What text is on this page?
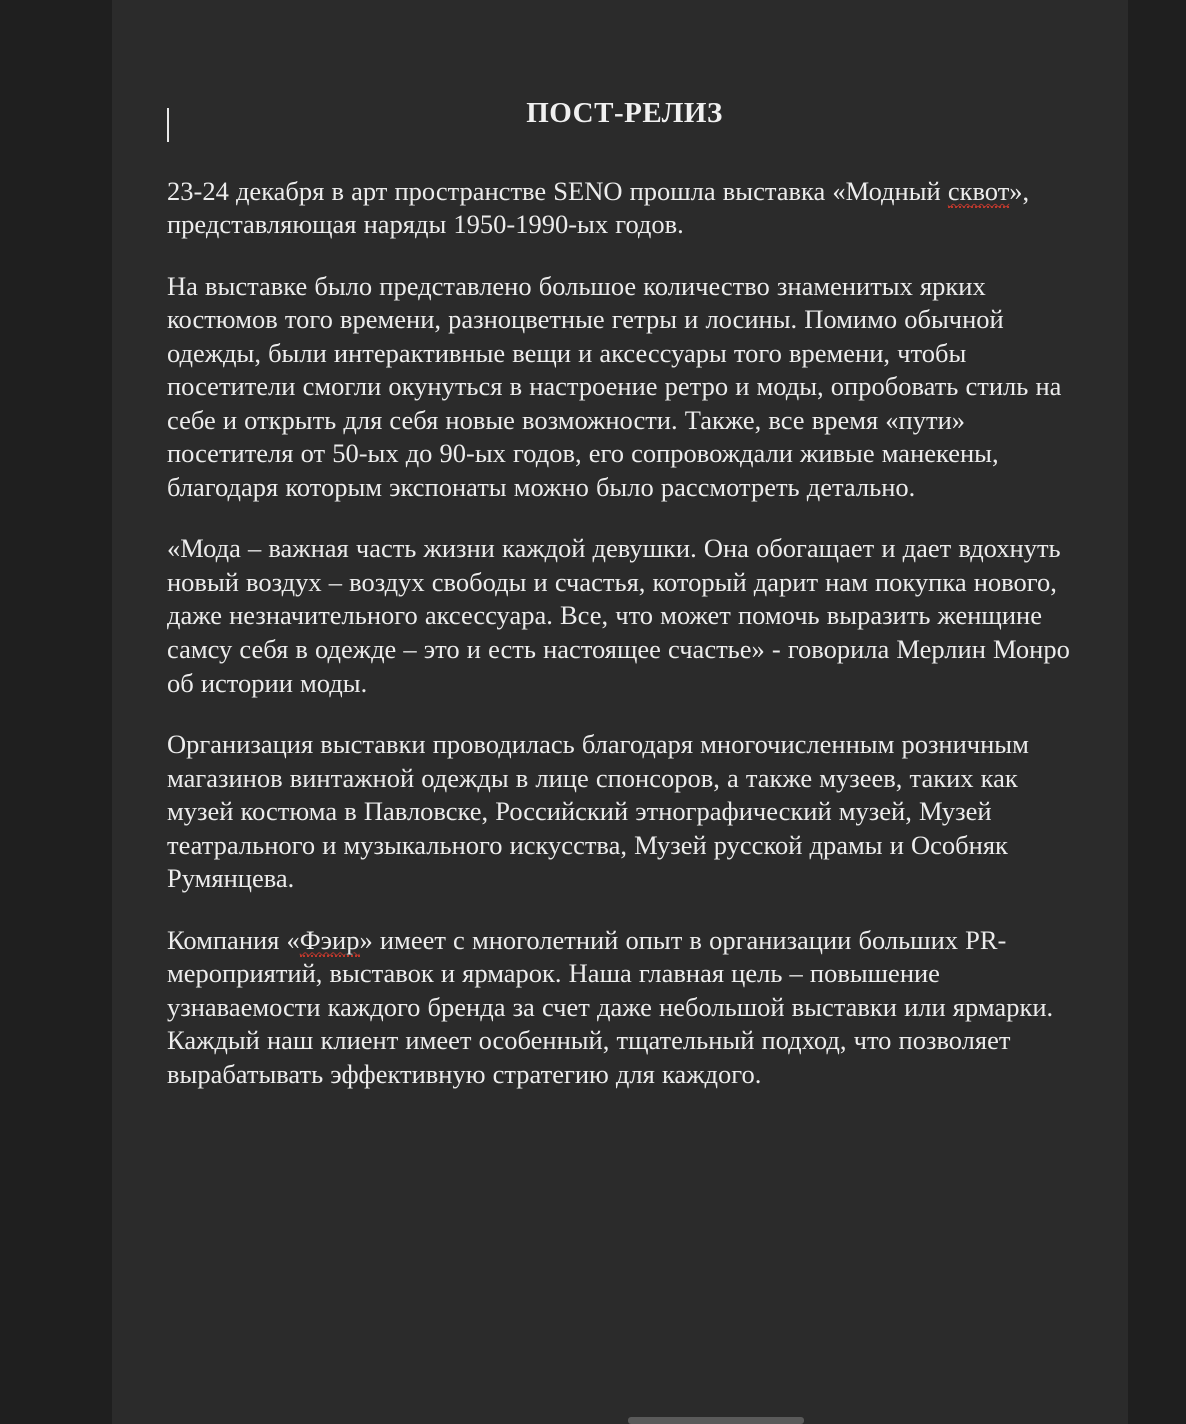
ПОСТ-РЕЛИЗ

23-24 декабря в арт пространстве SENO прошла выставка «Модный сквот», представляющая наряды 1950-1990-ых годов.

На выставке было представлено большое количество знаменитых ярких костюмов того времени, разноцветные гетры и лосины. Помимо обычной одежды, были интерактивные вещи и аксессуары того времени, чтобы посетители смогли окунуться в настроение ретро и моды, опробовать стиль на себе и открыть для себя новые возможности. Также, все время «пути» посетителя от 50-ых до 90-ых годов, его сопровождали живые манекены, благодаря которым экспонаты можно было рассмотреть детально.

«Мода – важная часть жизни каждой девушки. Она обогащает и дает вдохнуть новый воздух – воздух свободы и счастья, который дарит нам покупка нового, даже незначительного аксессуара. Все, что может помочь выразить женщине самсу себя в одежде – это и есть настоящее счастье» - говорила Мерлин Монро об истории моды.

Организация выставки проводилась благодаря многочисленным розничным магазинов винтажной одежды в лице спонсоров, а также музеев, таких как музей костюма в Павловске, Российский этнографический музей, Музей театрального и музыкального искусства, Музей русской драмы и Особняк Румянцева.

Компания «Фэир» имеет с многолетний опыт в организации больших PR-мероприятий, выставок и ярмарок. Наша главная цель – повышение узнаваемости каждого бренда за счет даже небольшой выставки или ярмарки. Каждый наш клиент имеет особенный, тщательный подход, что позволяет вырабатывать эффективную стратегию для каждого.
